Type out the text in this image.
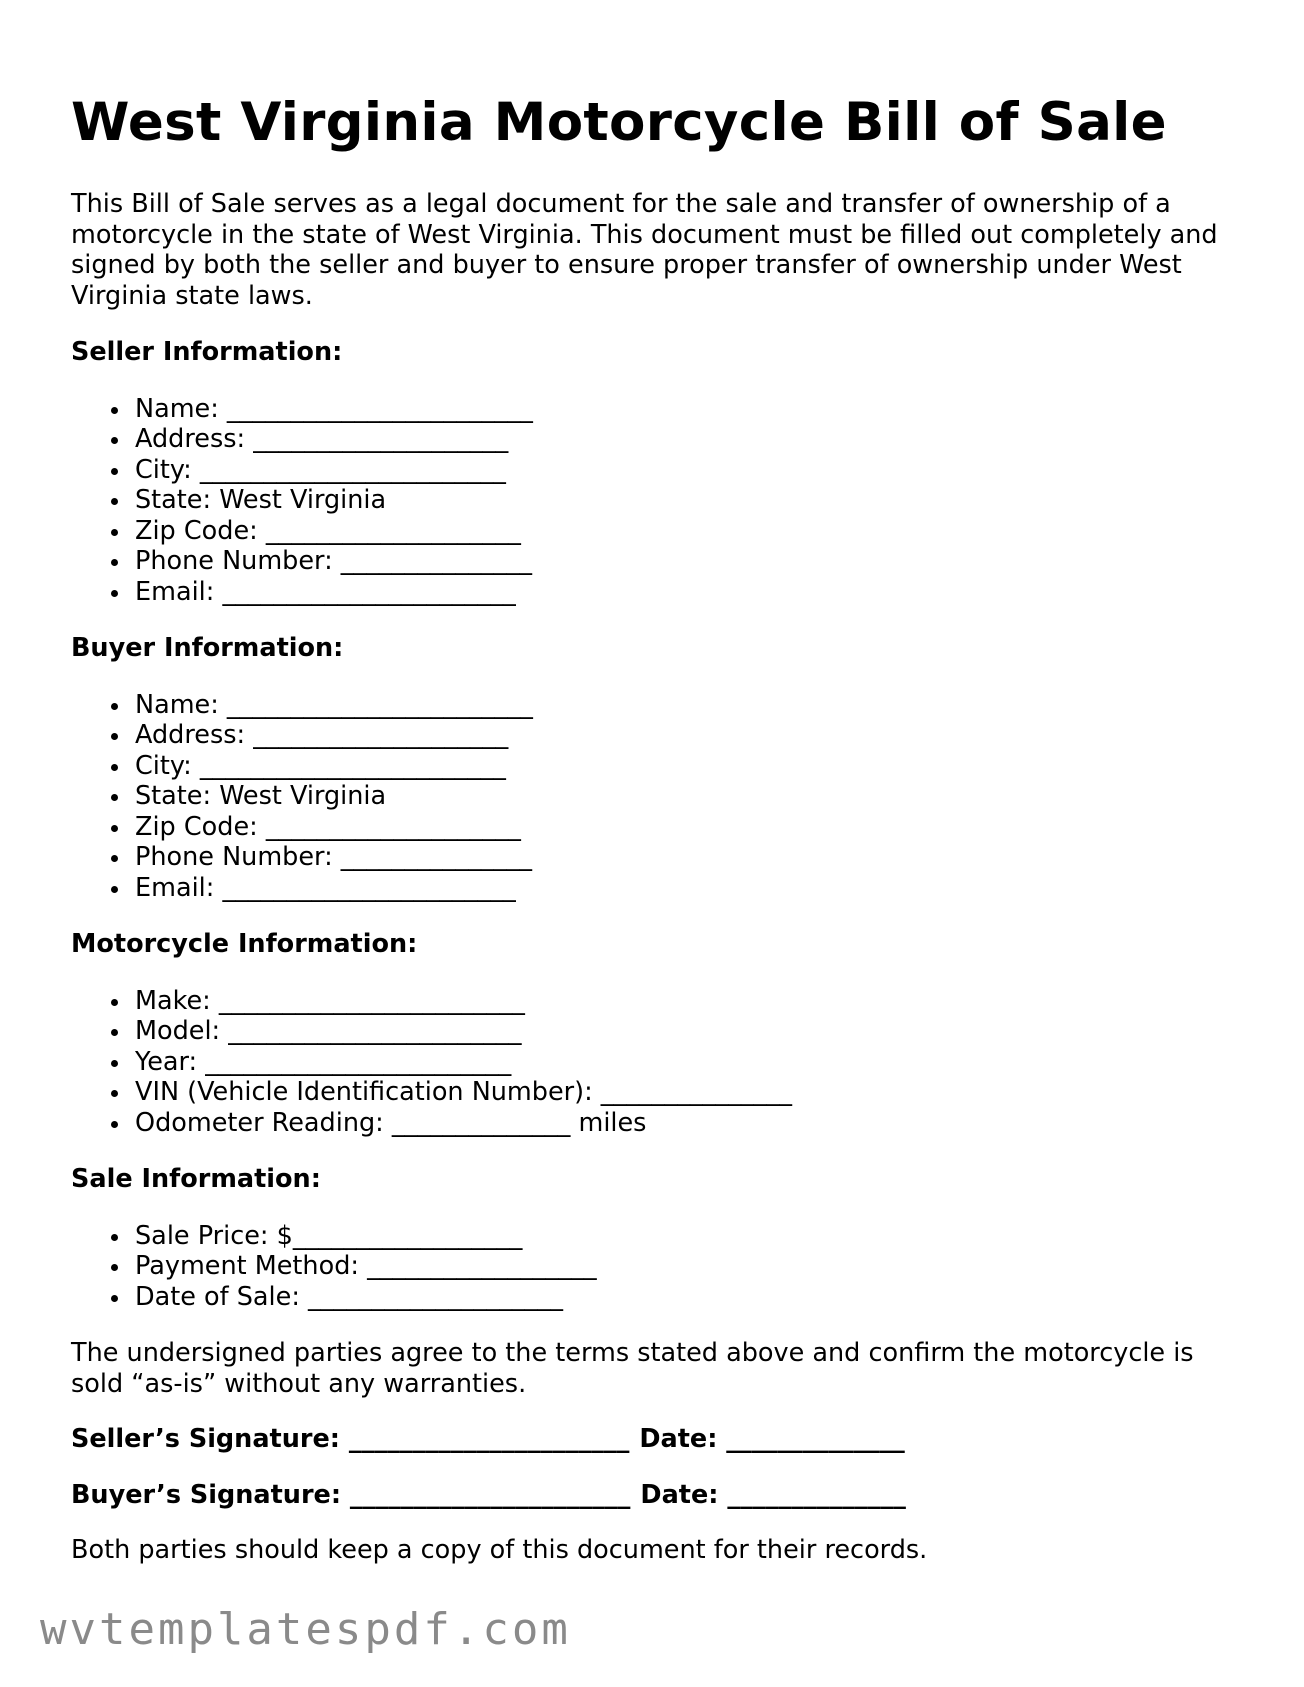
West Virginia Motorcycle Bill of Sale

This Bill of Sale serves as a legal document for the sale and transfer of ownership of a motorcycle in the state of West Virginia. This document must be filled out completely and signed by both the seller and buyer to ensure proper transfer of ownership under West Virginia state laws.

Seller Information:
Name: ________________________
Address: ____________________
City: ________________________
State: West Virginia
Zip Code: ____________________
Phone Number: _______________
Email: _______________________
Buyer Information:
Name: ________________________
Address: ____________________
City: ________________________
State: West Virginia
Zip Code: ____________________
Phone Number: _______________
Email: _______________________
Motorcycle Information:
Make: ________________________
Model: _______________________
Year: ________________________
VIN (Vehicle Identification Number): _______________
Odometer Reading: ______________ miles
Sale Information:
Sale Price: $__________________
Payment Method: __________________
Date of Sale: ____________________

The undersigned parties agree to the terms stated above and confirm the motorcycle is sold “as-is” without any warranties.

Seller’s Signature: ______________________ Date: ______________
Buyer’s Signature: ______________________ Date: ______________

Both parties should keep a copy of this document for their records.

wvtemplatespdf.com
